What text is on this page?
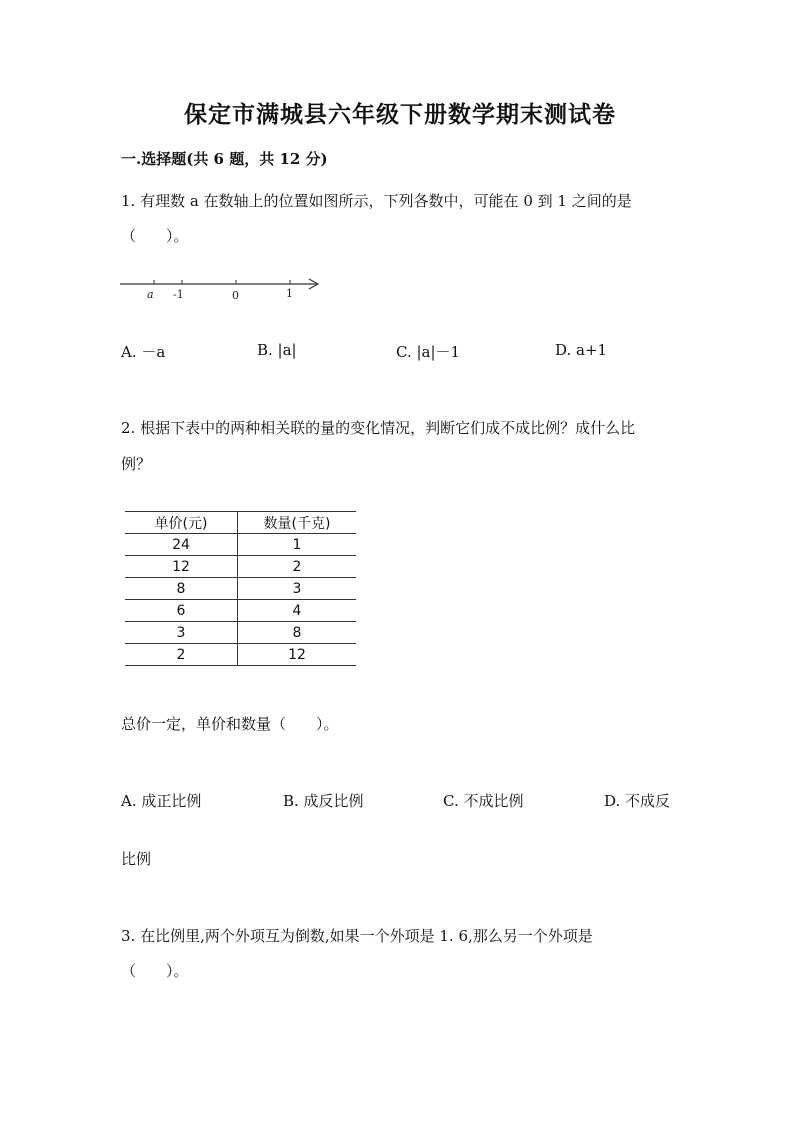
保定市满城县六年级下册数学期末测试卷
一.选择题(共 6 题，共 12 分)
1. 有理数 a 在数轴上的位置如图所示，下列各数中，可能在 0 到 1 之间的是
（　　）。
a -1	0	1
A. －a	B. |a|	C. |a|－1	D. a+1
2. 根据下表中的两种相关联的量的变化情况，判断它们成不成比例？成什么比
例？
单价(元)	数量(千克)
24	1
12	2
8	3
6	4
3	8
2	12
总价一定，单价和数量（　　）。
A. 成正比例	B. 成反比例	C. 不成比例	D. 不成反
比例
3. 在比例里,两个外项互为倒数,如果一个外项是 1. 6,那么另一个外项是
（　　）。
